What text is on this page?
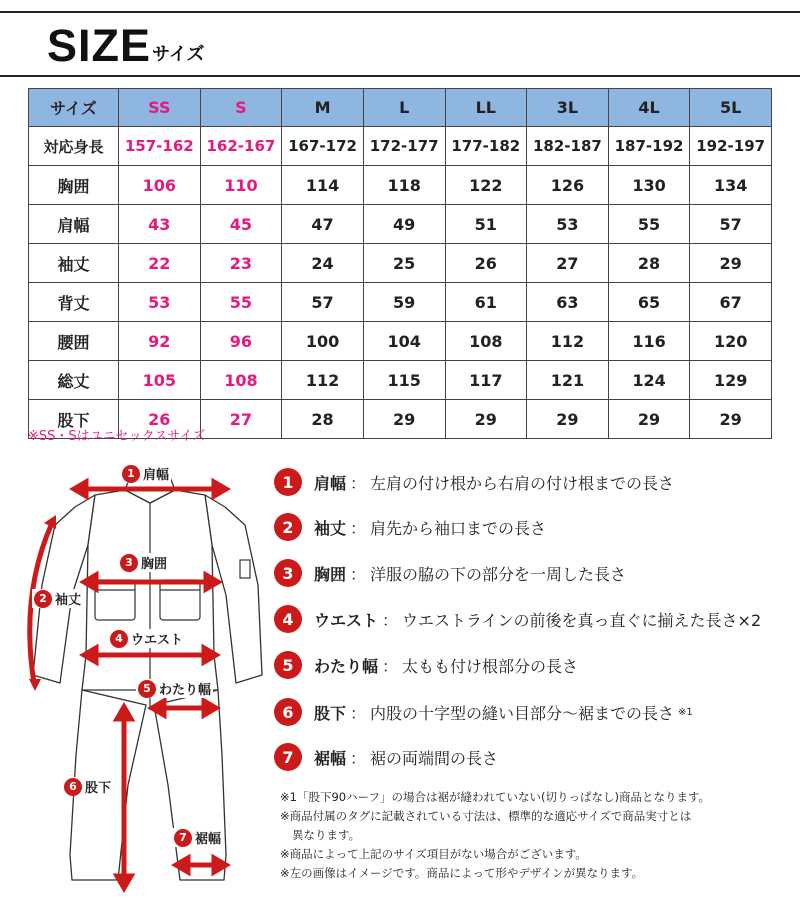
SIZE サイズ
サイズ	SS	S	M	L	LL	3L	4L	5L
対応身長	157-162	162-167	167-172	172-177	177-182	182-187	187-192	192-197
胸囲	106	110	114	118	122	126	130	134
肩幅	43	45	47	49	51	53	55	57
袖丈	22	23	24	25	26	27	28	29
背丈	53	55	57	59	61	63	65	67
腰囲	92	96	100	104	108	112	116	120
総丈	105	108	112	115	117	121	124	129
股下	26	27	28	29	29	29	29	29
※SS・Sはユニセックスサイズ
1 肩幅
2 袖丈
3 胸囲
4 ウエスト
5 わたり幅
6 股下
7 裾幅
1	肩幅 ： 左肩の付け根から右肩の付け根までの長さ
2	袖丈 ： 肩先から袖口までの長さ
3	胸囲 ： 洋服の脇の下の部分を一周した長さ
4	ウエスト ： ウエストラインの前後を真っ直ぐに揃えた長さ×2
5	わたり幅 ： 太もも付け根部分の長さ
6	股下 ： 内股の十字型の縫い目部分～裾までの長さ ※1
7	裾幅 ： 裾の両端間の長さ
※1「股下90ハーフ」の場合は裾が縫われていない(切りっぱなし)商品となります。
※商品付属のタグに記載されている寸法は、標準的な適応サイズで商品実寸とは
異なります。
※商品によって上記のサイズ項目がない場合がございます。
※左の画像はイメージです。商品によって形やデザインが異なります。
